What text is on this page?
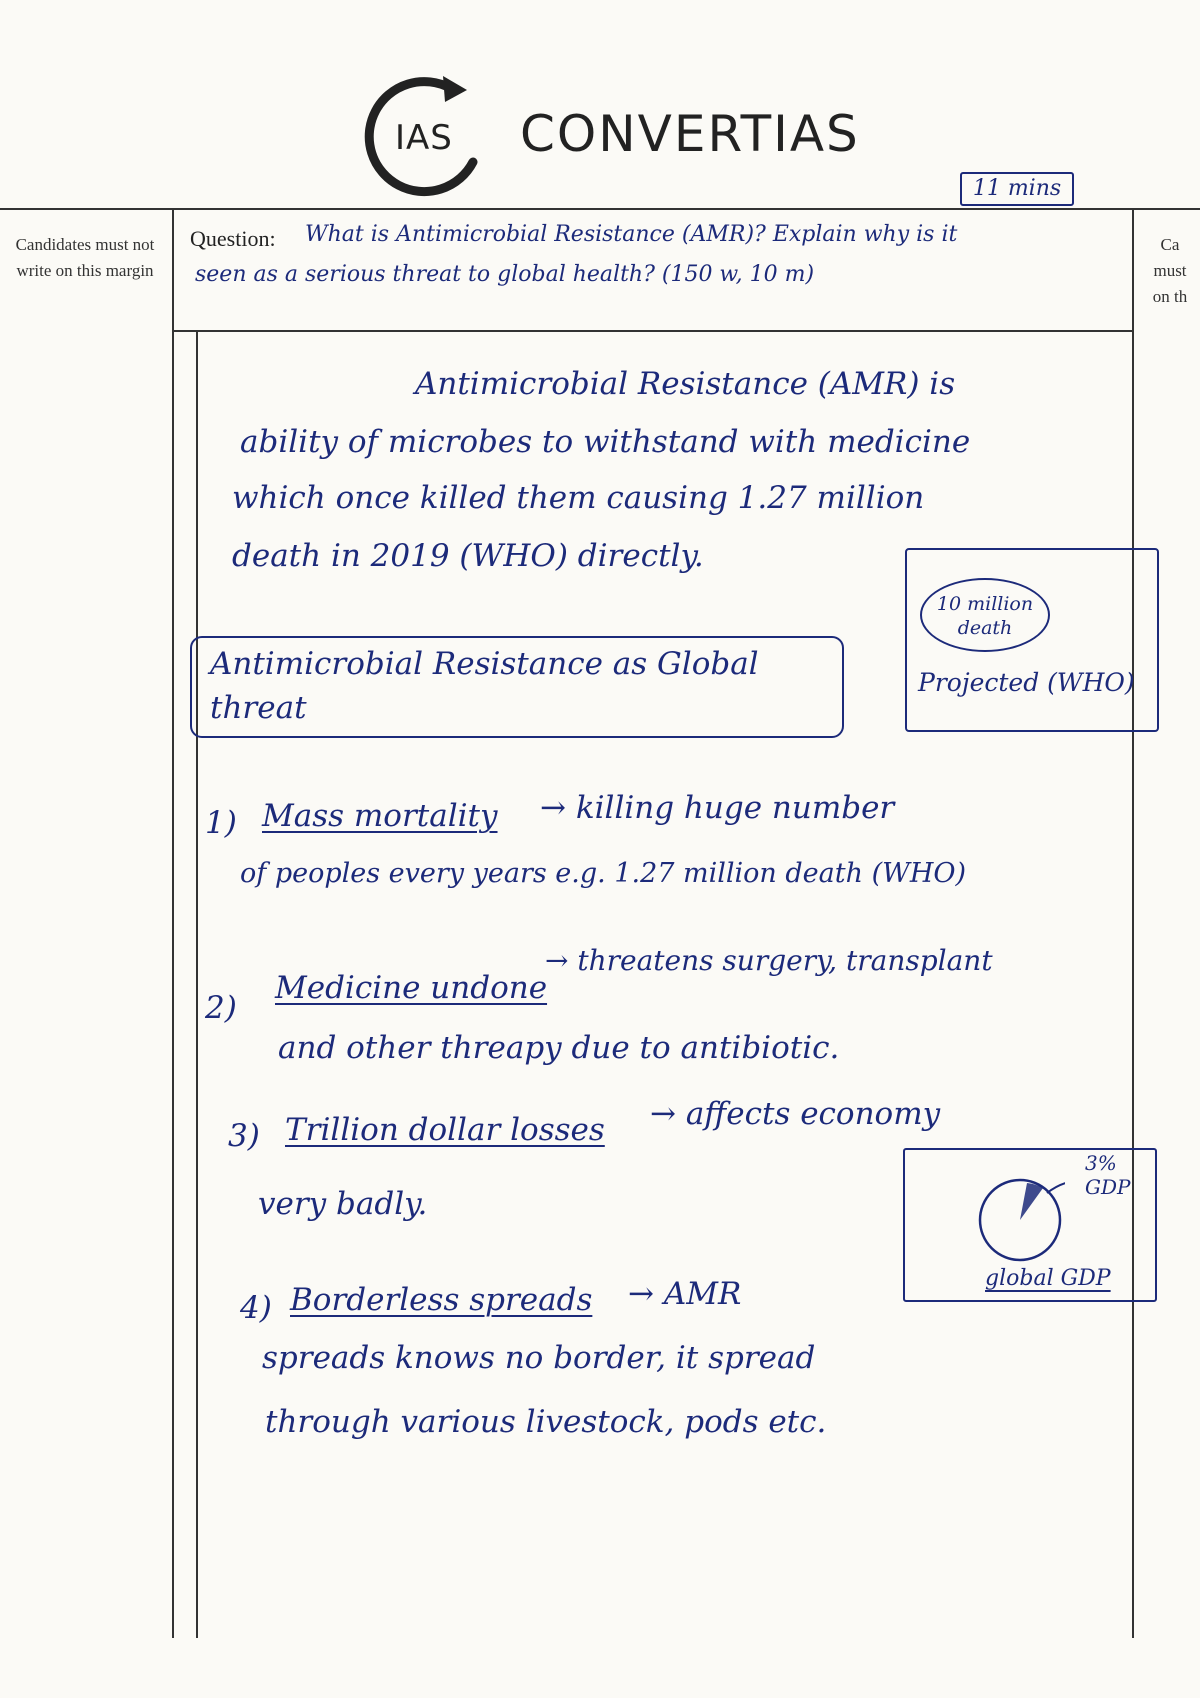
IAS CONVERTIAS
11 mins
Candidates must not write on this margin
Ca must on th
Question: What is Antimicrobial Resistance (AMR)? Explain why is it
seen as a serious threat to global health? (150 w, 10 m)
Antimicrobial Resistance (AMR) is
ability of microbes to withstand with medicine
which once killed them causing 1.27 million
death in 2019 (WHO) directly.
10 million death
Projected (WHO)
Antimicrobial Resistance as Global threat
1) Mass mortality → killing huge number
of peoples every years e.g. 1.27 million death (WHO)
2)
Medicine undone
→ threatens surgery, transplant
and other threapy due to antibiotic.
3) Trillion dollar losses → affects economy
very badly.
3%
GDP
global GDP
4) Borderless spreads → AMR
spreads knows no border, it spread
through various livestock, pods etc.
